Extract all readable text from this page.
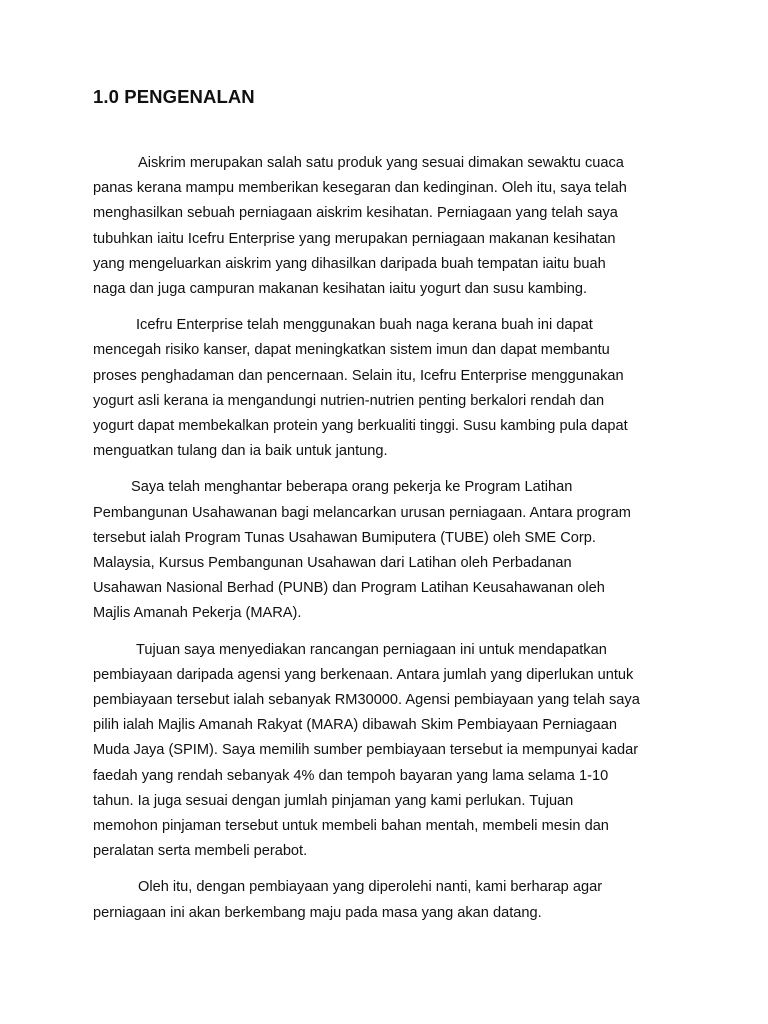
1.0 PENGENALAN

Aiskrim merupakan salah satu produk yang sesuai dimakan sewaktu cuaca
panas kerana mampu memberikan kesegaran dan kedinginan. Oleh itu, saya telah
menghasilkan sebuah perniagaan aiskrim kesihatan. Perniagaan yang telah saya
tubuhkan iaitu Icefru Enterprise yang merupakan perniagaan makanan kesihatan
yang mengeluarkan aiskrim yang dihasilkan daripada buah tempatan iaitu buah
naga dan juga campuran makanan kesihatan iaitu yogurt dan susu kambing.

Icefru Enterprise telah menggunakan buah naga kerana buah ini dapat
mencegah risiko kanser, dapat meningkatkan sistem imun dan dapat membantu
proses penghadaman dan pencernaan. Selain itu, Icefru Enterprise menggunakan
yogurt asli kerana ia mengandungi nutrien-nutrien penting berkalori rendah dan
yogurt dapat membekalkan protein yang berkualiti tinggi. Susu kambing pula dapat
menguatkan tulang dan ia baik untuk jantung.

Saya telah menghantar beberapa orang pekerja ke Program Latihan
Pembangunan Usahawanan bagi melancarkan urusan perniagaan. Antara program
tersebut ialah Program Tunas Usahawan Bumiputera (TUBE) oleh SME Corp.
Malaysia, Kursus Pembangunan Usahawan dari Latihan oleh Perbadanan
Usahawan Nasional Berhad (PUNB) dan Program Latihan Keusahawanan oleh
Majlis Amanah Pekerja (MARA).

Tujuan saya menyediakan rancangan perniagaan ini untuk mendapatkan
pembiayaan daripada agensi yang berkenaan. Antara jumlah yang diperlukan untuk
pembiayaan tersebut ialah sebanyak RM30000. Agensi pembiayaan yang telah saya
pilih ialah Majlis Amanah Rakyat (MARA) dibawah Skim Pembiayaan Perniagaan
Muda Jaya (SPIM). Saya memilih sumber pembiayaan tersebut ia mempunyai kadar
faedah yang rendah sebanyak 4% dan tempoh bayaran yang lama selama 1-10
tahun. Ia juga sesuai dengan jumlah pinjaman yang kami perlukan. Tujuan
memohon pinjaman tersebut untuk membeli bahan mentah, membeli mesin dan
peralatan serta membeli perabot.

Oleh itu, dengan pembiayaan yang diperolehi nanti, kami berharap agar
perniagaan ini akan berkembang maju pada masa yang akan datang.
